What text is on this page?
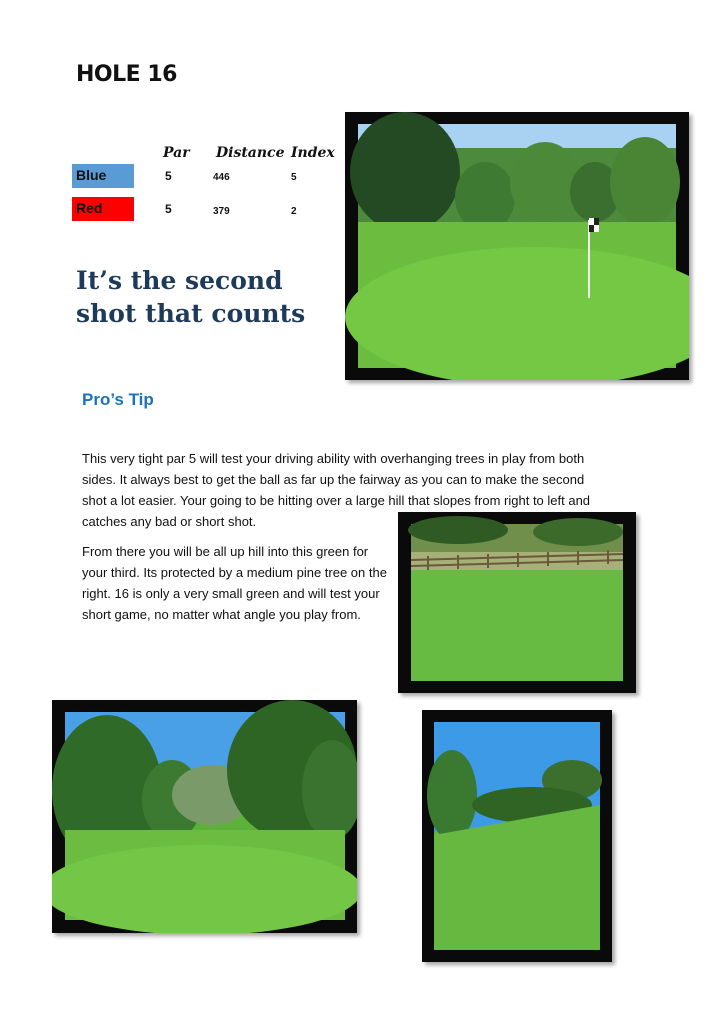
HOLE 16
Par Distance Index
Blue	5	446	5
Red	5	379	2
It’s the second shot that counts
Pro’s Tip
This very tight par 5 will test your driving ability with overhanging trees in play from both sides. It always best to get the ball as far up the fairway as you can to make the second shot a lot easier. Your going to be hitting over a large hill that slopes from right to left and catches any bad or short shot.
From there you will be all up hill into this green for your third. Its protected by a medium pine tree on the right. 16 is only a very small green and will test your short game, no matter what angle you play from.
